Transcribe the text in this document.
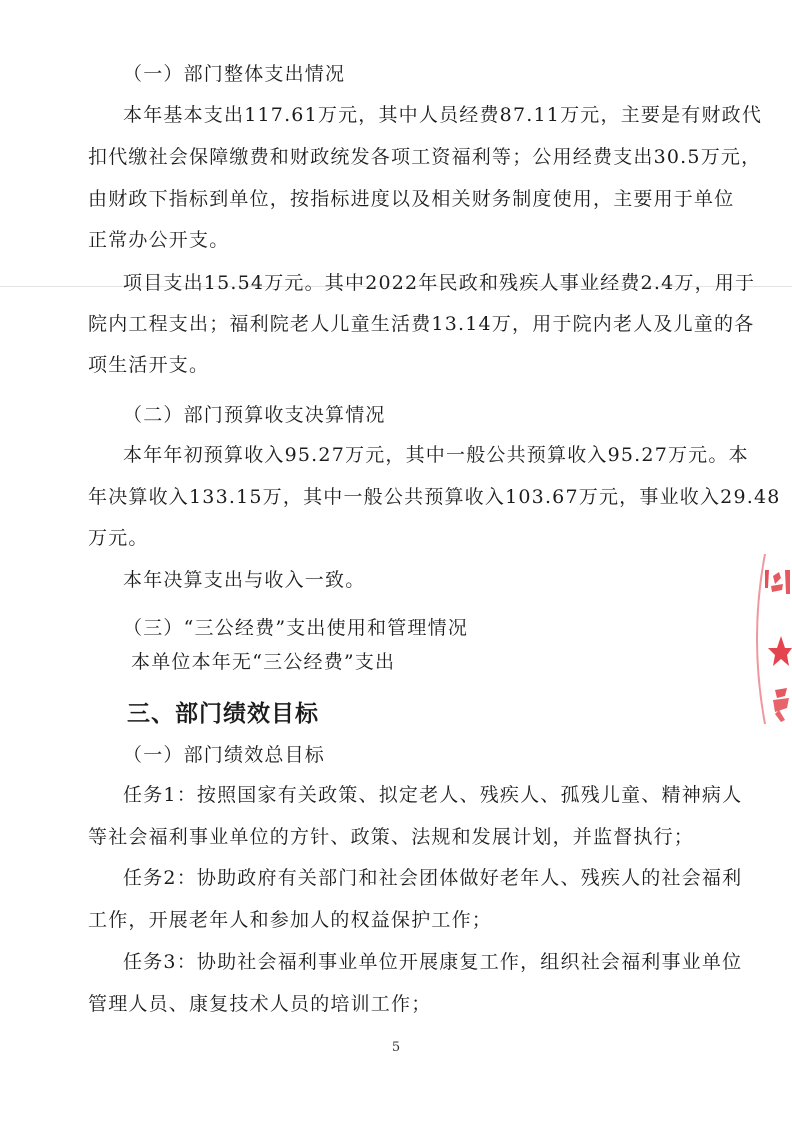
（一）部门整体支出情况
本年基本支出117.61万元，其中人员经费87.11万元，主要是有财政代
扣代缴社会保障缴费和财政统发各项工资福利等；公用经费支出30.5万元，
由财政下指标到单位，按指标进度以及相关财务制度使用，主要用于单位
正常办公开支。
项目支出15.54万元。其中2022年民政和残疾人事业经费2.4万，用于
院内工程支出；福利院老人儿童生活费13.14万，用于院内老人及儿童的各
项生活开支。
（二）部门预算收支决算情况
本年年初预算收入95.27万元，其中一般公共预算收入95.27万元。本
年决算收入133.15万，其中一般公共预算收入103.67万元，事业收入29.48
万元。
本年决算支出与收入一致。
（三）“三公经费”支出使用和管理情况
本单位本年无“三公经费”支出
三、部门绩效目标
（一）部门绩效总目标
任务1：按照国家有关政策、拟定老人、残疾人、孤残儿童、精神病人
等社会福利事业单位的方针、政策、法规和发展计划，并监督执行；
任务2：协助政府有关部门和社会团体做好老年人、残疾人的社会福利
工作，开展老年人和参加人的权益保护工作；
任务3：协助社会福利事业单位开展康复工作，组织社会福利事业单位
管理人员、康复技术人员的培训工作；
5
